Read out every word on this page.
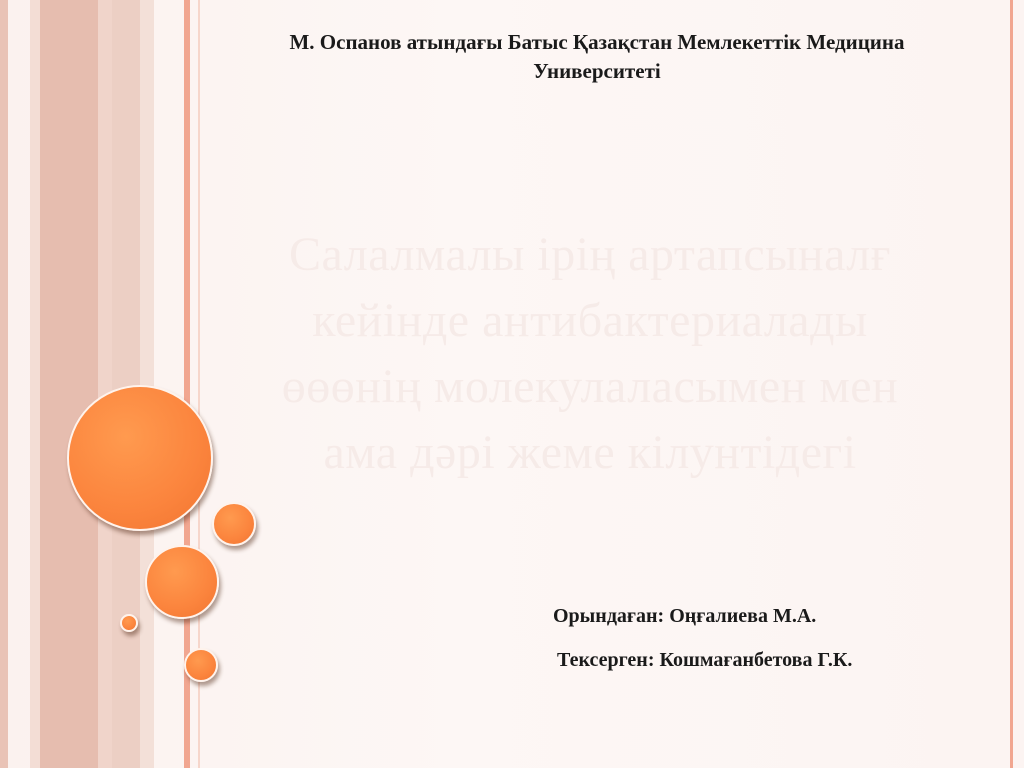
М. Оспанов атындағы Батыс Қазақстан Мемлекеттік Медицина
Университеті
Салалмалы ірің артапсыналғ
кейінде антибактериалады
өөөнің молекулаласымен мен
ама дəрі жеме кілунтідегі
Орындаған: Оңғалиева М.А.
Тексерген: Кошмағанбетова Г.К.
